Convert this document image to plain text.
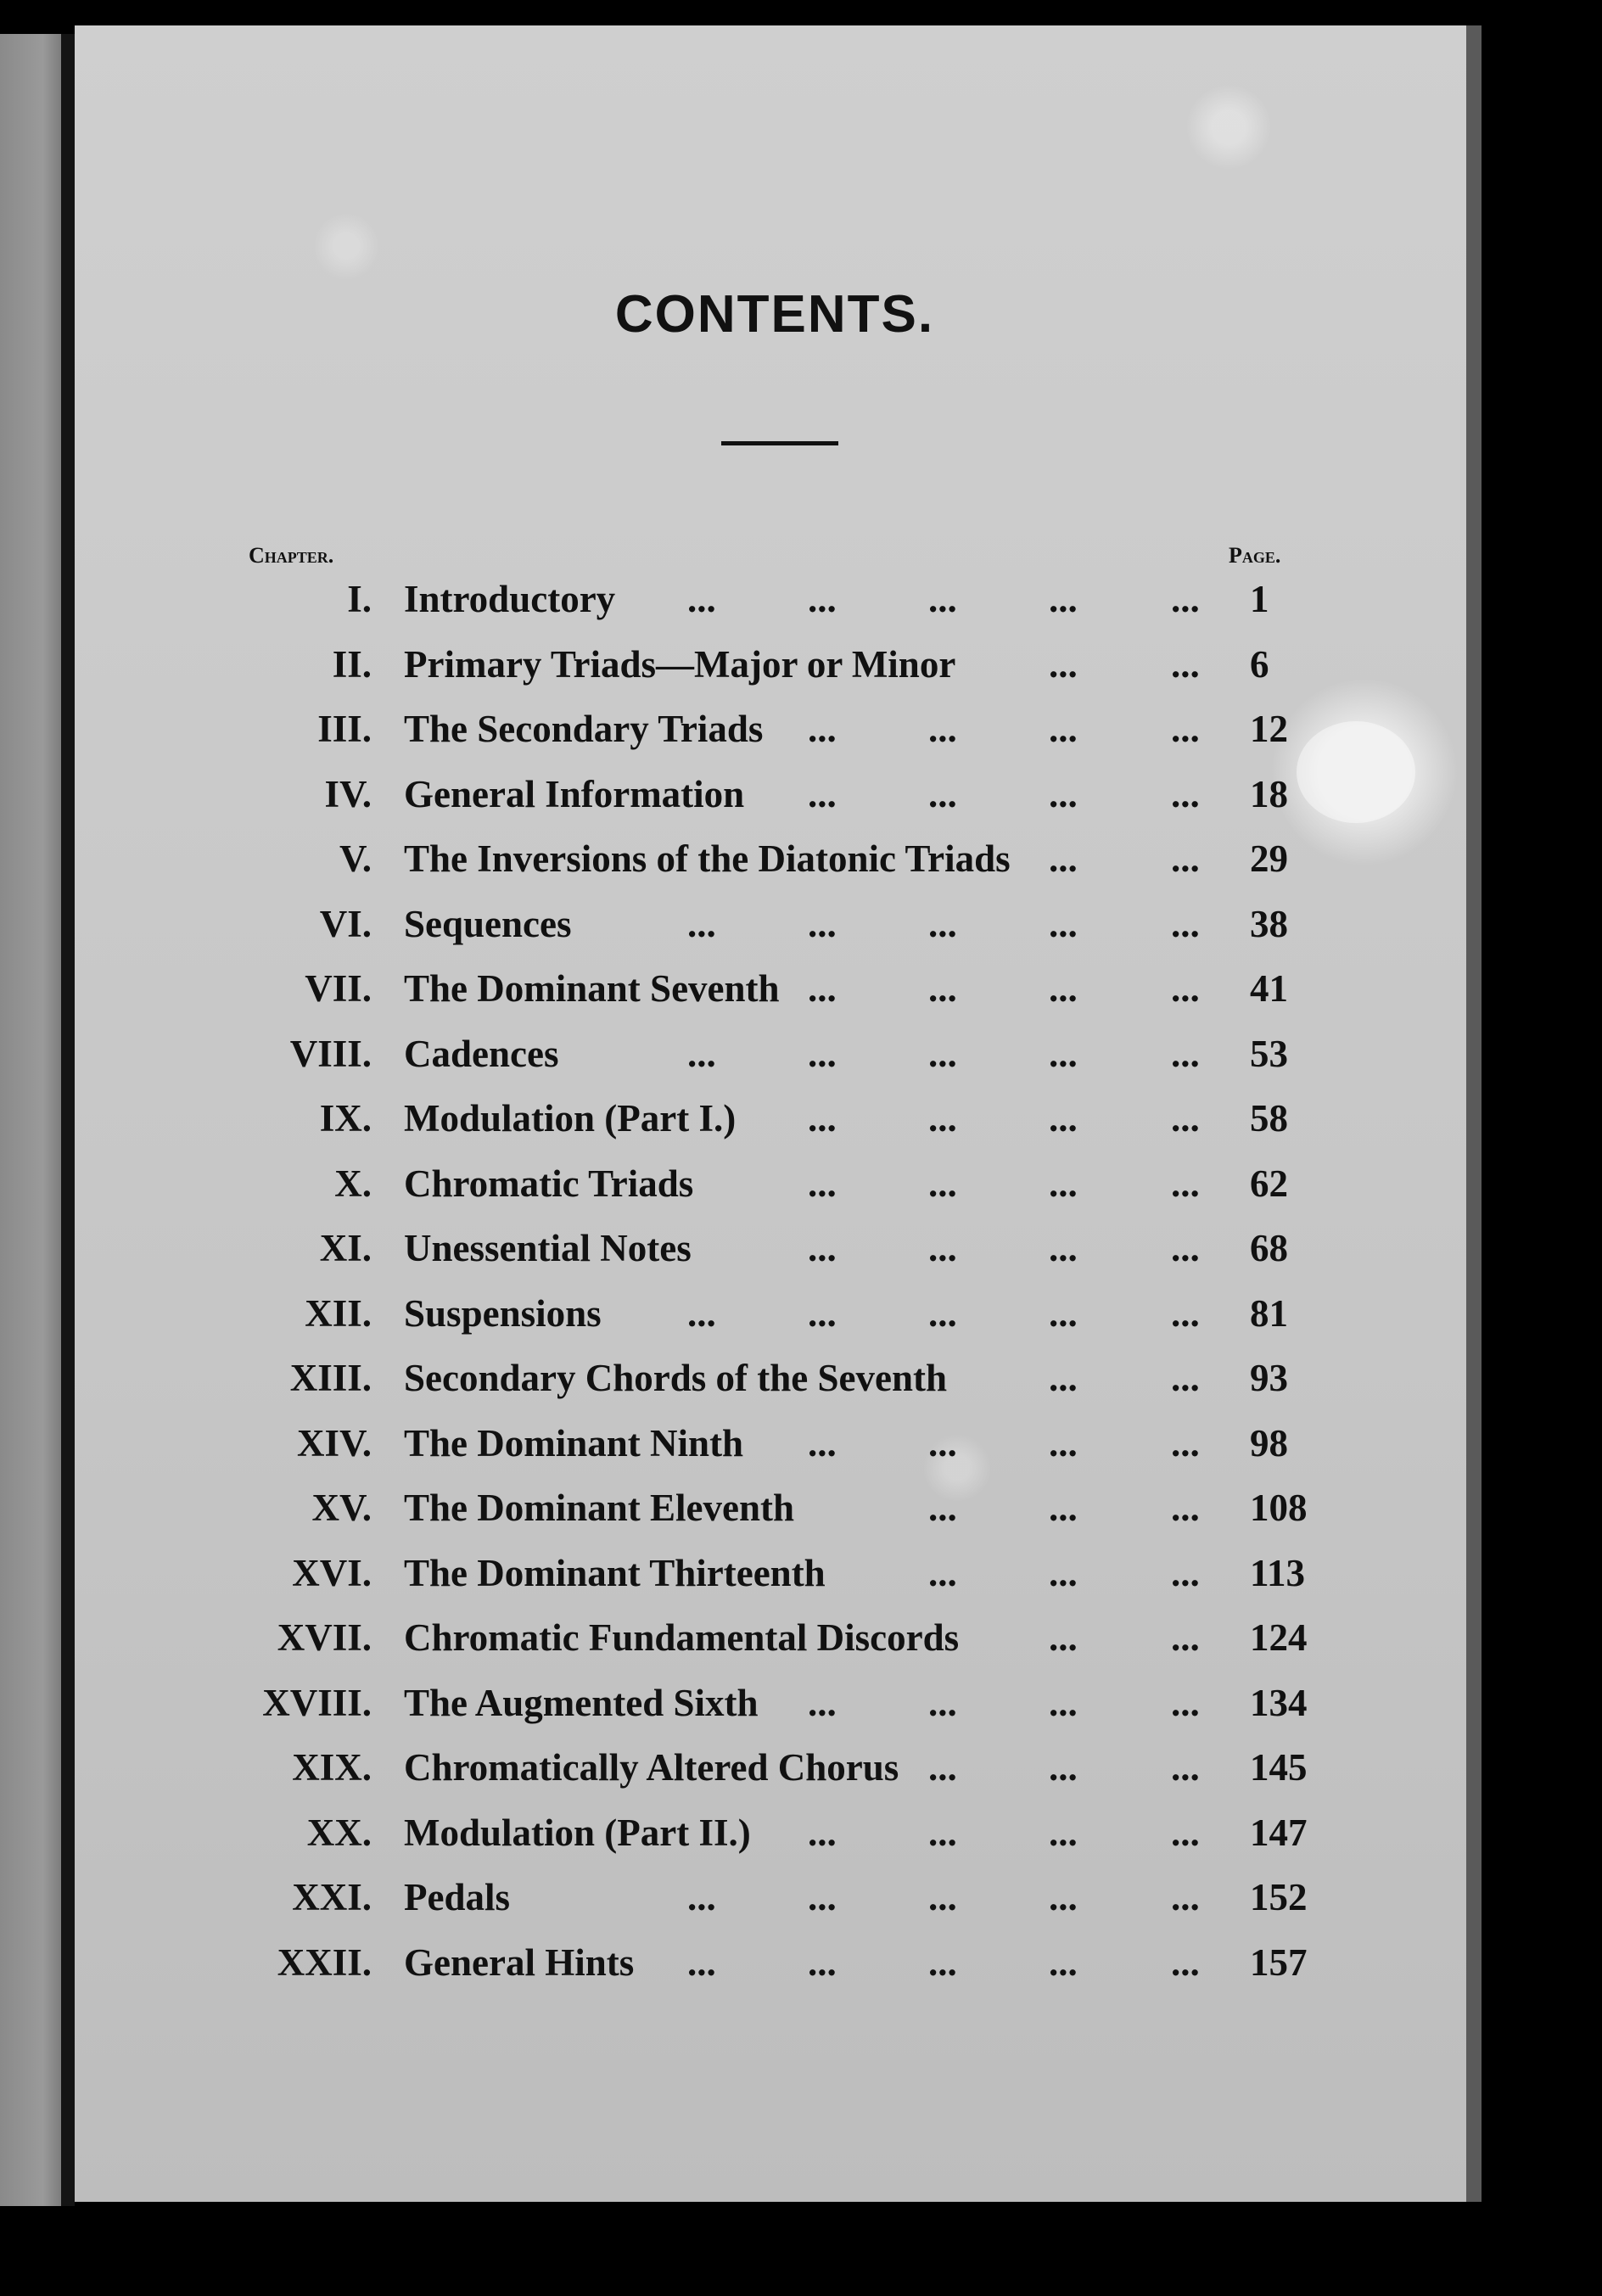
CONTENTS.
Chapter.	Page.
I. Introductory ... ... ... ... ... 1
II. Primary Triads—Major or Minor ... ... 6
III. The Secondary Triads ... ... ... ... 12
IV. General Information ... ... ... ... 18
V. The Inversions of the Diatonic Triads ... ... 29
VI. Sequences	... ... ... ... ... 38
VII. The Dominant Seventh ... ... ... ... 41
VIII. Cadences	... ... ... ... ... 53
IX. Modulation (Part I.) ... ... ... ... 58
X. Chromatic Triads	... ... ... ... 62
XI. Unessential Notes	... ... ... ... 68
XII. Suspensions ... ... ... ... ... 81
XIII. Secondary Chords of the Seventh	... ... 93
XIV. The Dominant Ninth ... ... ... ... 98
XV. The Dominant Eleventh	... ... ... 108
XVI. The Dominant Thirteenth	... ... ... 113
XVII. Chromatic Fundamental Discords ... ... 124
XVIII. The Augmented Sixth ... ... ... ... 134
XIX. Chromatically Altered Chorus ... ... ... 145
XX. Modulation (Part II.) ... ... ... ... 147
XXI. Pedals	... ... ... ... ... 152
XXII. General Hints ... ... ... ... ... 157
